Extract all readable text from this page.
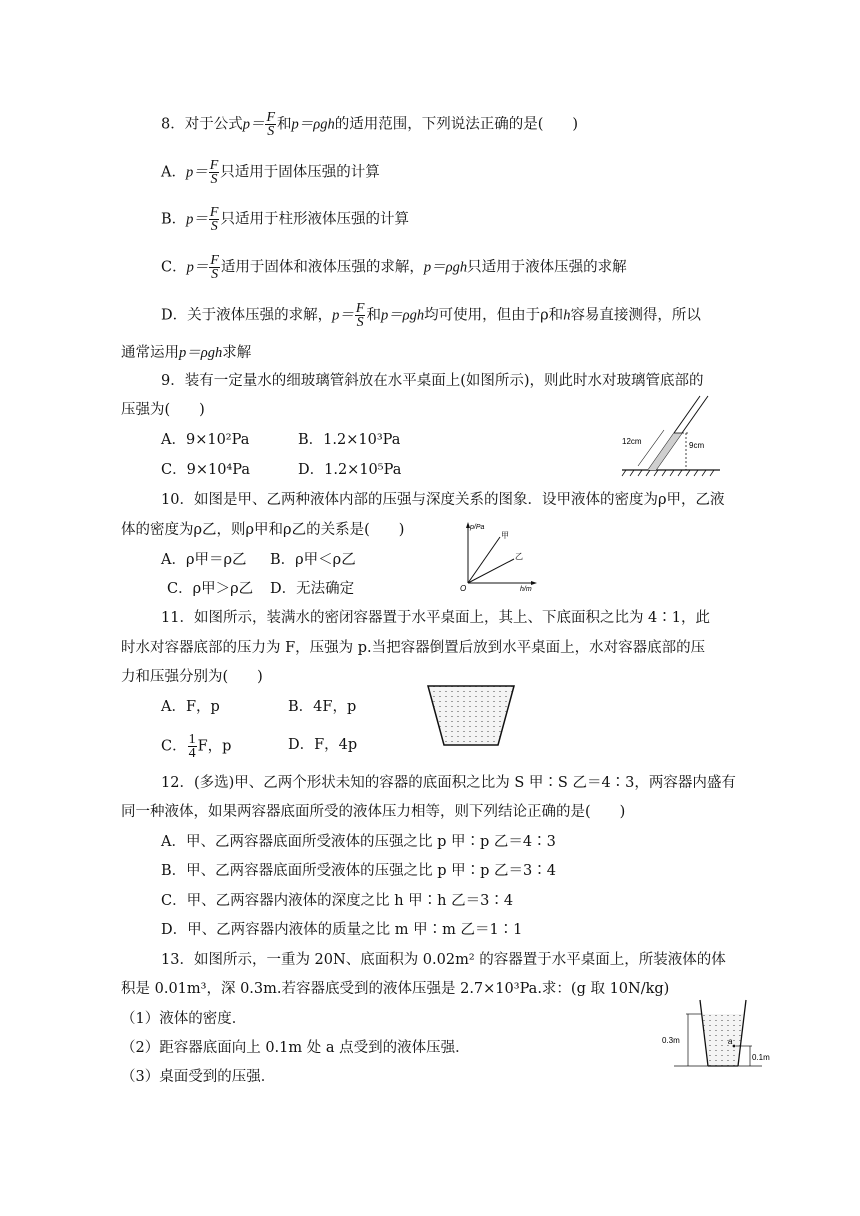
8．对于公式$p= \frac{F}{S}$ 和p＝ρgh的适用范围，下列说法正确的是(　　)
A．$p= \frac{F}{S}$ 只适用于固体压强的计算
B．$p= \frac{F}{S}$ 只适用于柱形液体压强的计算
C．$p= \frac{F}{S}$ 适用于固体和液体压强的求解，p＝ρgh只适用于液体压强的求解
D．关于液体压强的求解，$p= \frac{F}{S}$ 和p＝ρgh均可使用，但由于ρ和h容易直接测得，所以
通常运用p＝ρgh求解
9．装有一定量水的细玻璃管斜放在水平桌面上(如图所示)，则此时水对玻璃管底部的
压强为(　　)
A．9×10²Pa	B．1.2×10³Pa
C．9×10⁴Pa	D．1.2×10⁵Pa
9cm
12cm
10．如图是甲、乙两种液体内部的压强与深度关系的图象．设甲液体的密度为ρ甲，乙液
体的密度为ρ乙，则ρ甲和ρ乙的关系是(　　)
A．ρ甲＝ρ乙 B．ρ甲＜ρ乙
C．ρ甲＞ρ乙 D．无法确定	O
p/Pa
h/m
甲
乙
11．如图所示，装满水的密闭容器置于水平桌面上，其上、下底面积之比为 4∶1，此
时水对容器底部的压力为 F，压强为 p.当把容器倒置后放到水平桌面上，水对容器底部的压
力和压强分别为(　　)
A．F，p	B．4F，p
C． $\frac{1}{4}$ F，p	D．F，4p
12．(多选)甲、乙两个形状未知的容器的底面积之比为 S 甲∶S 乙＝4∶3，两容器内盛有
同一种液体，如果两容器底面所受的液体压力相等，则下列结论正确的是(　　)
A．甲、乙两容器底面所受液体的压强之比 p 甲∶p 乙＝4∶3
B．甲、乙两容器底面所受液体的压强之比 p 甲∶p 乙＝3∶4
C．甲、乙两容器内液体的深度之比 h 甲∶h 乙＝3∶4
D．甲、乙两容器内液体的质量之比 m 甲∶m 乙＝1∶1
13．如图所示，一重为 20N、底面积为 0.02m² 的容器置于水平桌面上，所装液体的体
积是 0.01m³，深 0.3m.若容器底受到的液体压强是 2.7×10³Pa.求：(g 取 10N/kg)
（1）液体的密度．
（2）距容器底面向上 0.1m 处 a 点受到的液体压强．
（3）桌面受到的压强．
0.3m	a
0.1m
